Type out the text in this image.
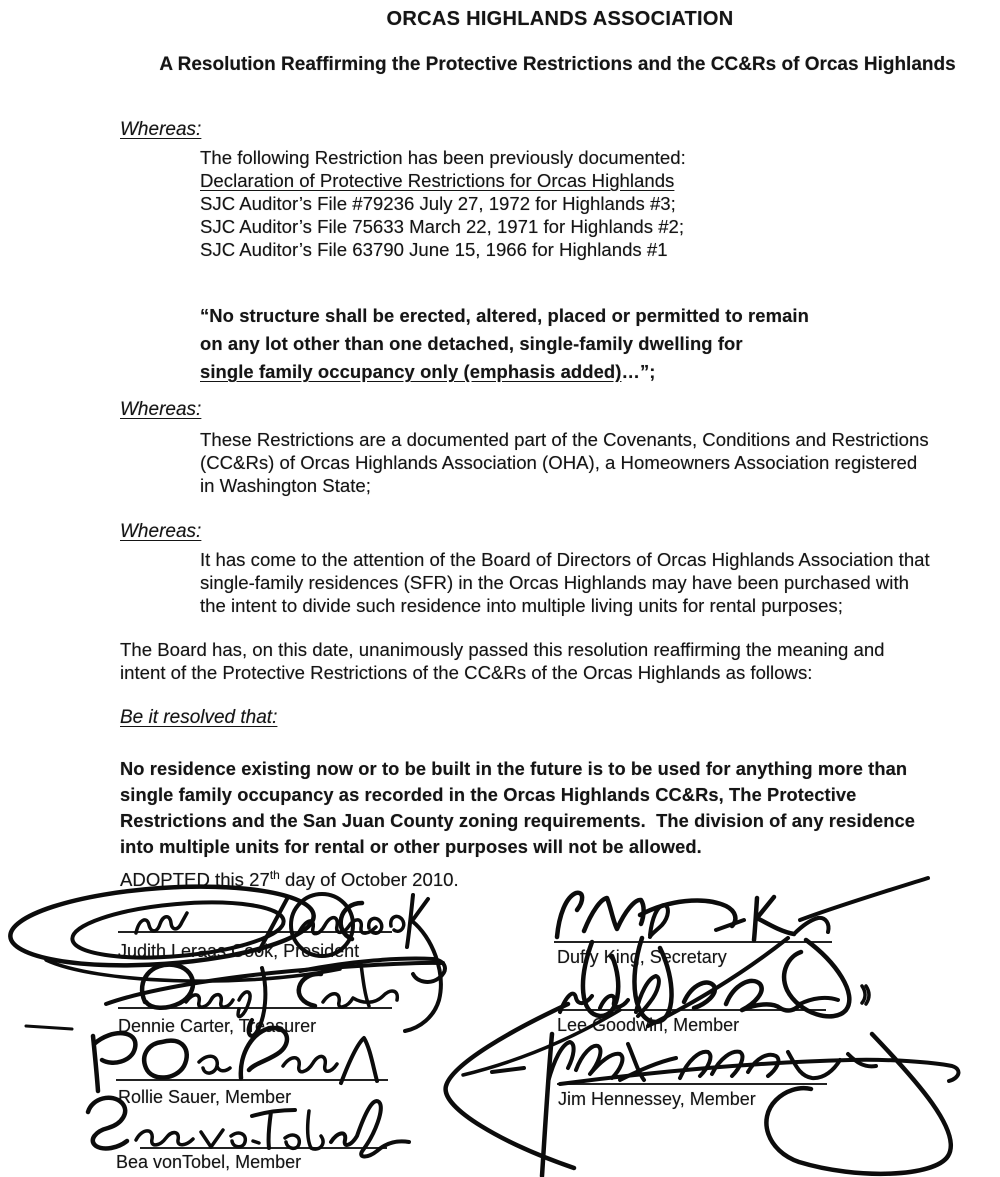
ORCAS HIGHLANDS ASSOCIATION
A Resolution Reaffirming the Protective Restrictions and the CC&Rs of Orcas Highlands
Whereas:
The following Restriction has been previously documented:
Declaration of Protective Restrictions for Orcas Highlands
SJC Auditor’s File #79236 July 27, 1972 for Highlands #3;
SJC Auditor’s File 75633 March 22, 1971 for Highlands #2;
SJC Auditor’s File 63790 June 15, 1966 for Highlands #1
“No structure shall be erected, altered, placed or permitted to remain
on any lot other than one detached, single-family dwelling for
single family occupancy only (emphasis added)…”;
Whereas:
These Restrictions are a documented part of the Covenants, Conditions and Restrictions
(CC&Rs) of Orcas Highlands Association (OHA), a Homeowners Association registered
in Washington State;
Whereas:
It has come to the attention of the Board of Directors of Orcas Highlands Association that
single-family residences (SFR) in the Orcas Highlands may have been purchased with
the intent to divide such residence into multiple living units for rental purposes;
The Board has, on this date, unanimously passed this resolution reaffirming the meaning and
intent of the Protective Restrictions of the CC&Rs of the Orcas Highlands as follows:
Be it resolved that:
No residence existing now or to be built in the future is to be used for anything more than
single family occupancy as recorded in the Orcas Highlands CC&Rs, The Protective
Restrictions and the San Juan County zoning requirements.  The division of any residence
into multiple units for rental or other purposes will not be allowed.
ADOPTED this 27th day of October 2010.
Judith Leraas Cook, President
Dennie Carter, Treasurer
Rollie Sauer, Member
Bea vonTobel, Member
Duffy King, Secretary
Lee Goodwin, Member
Jim Hennessey, Member
